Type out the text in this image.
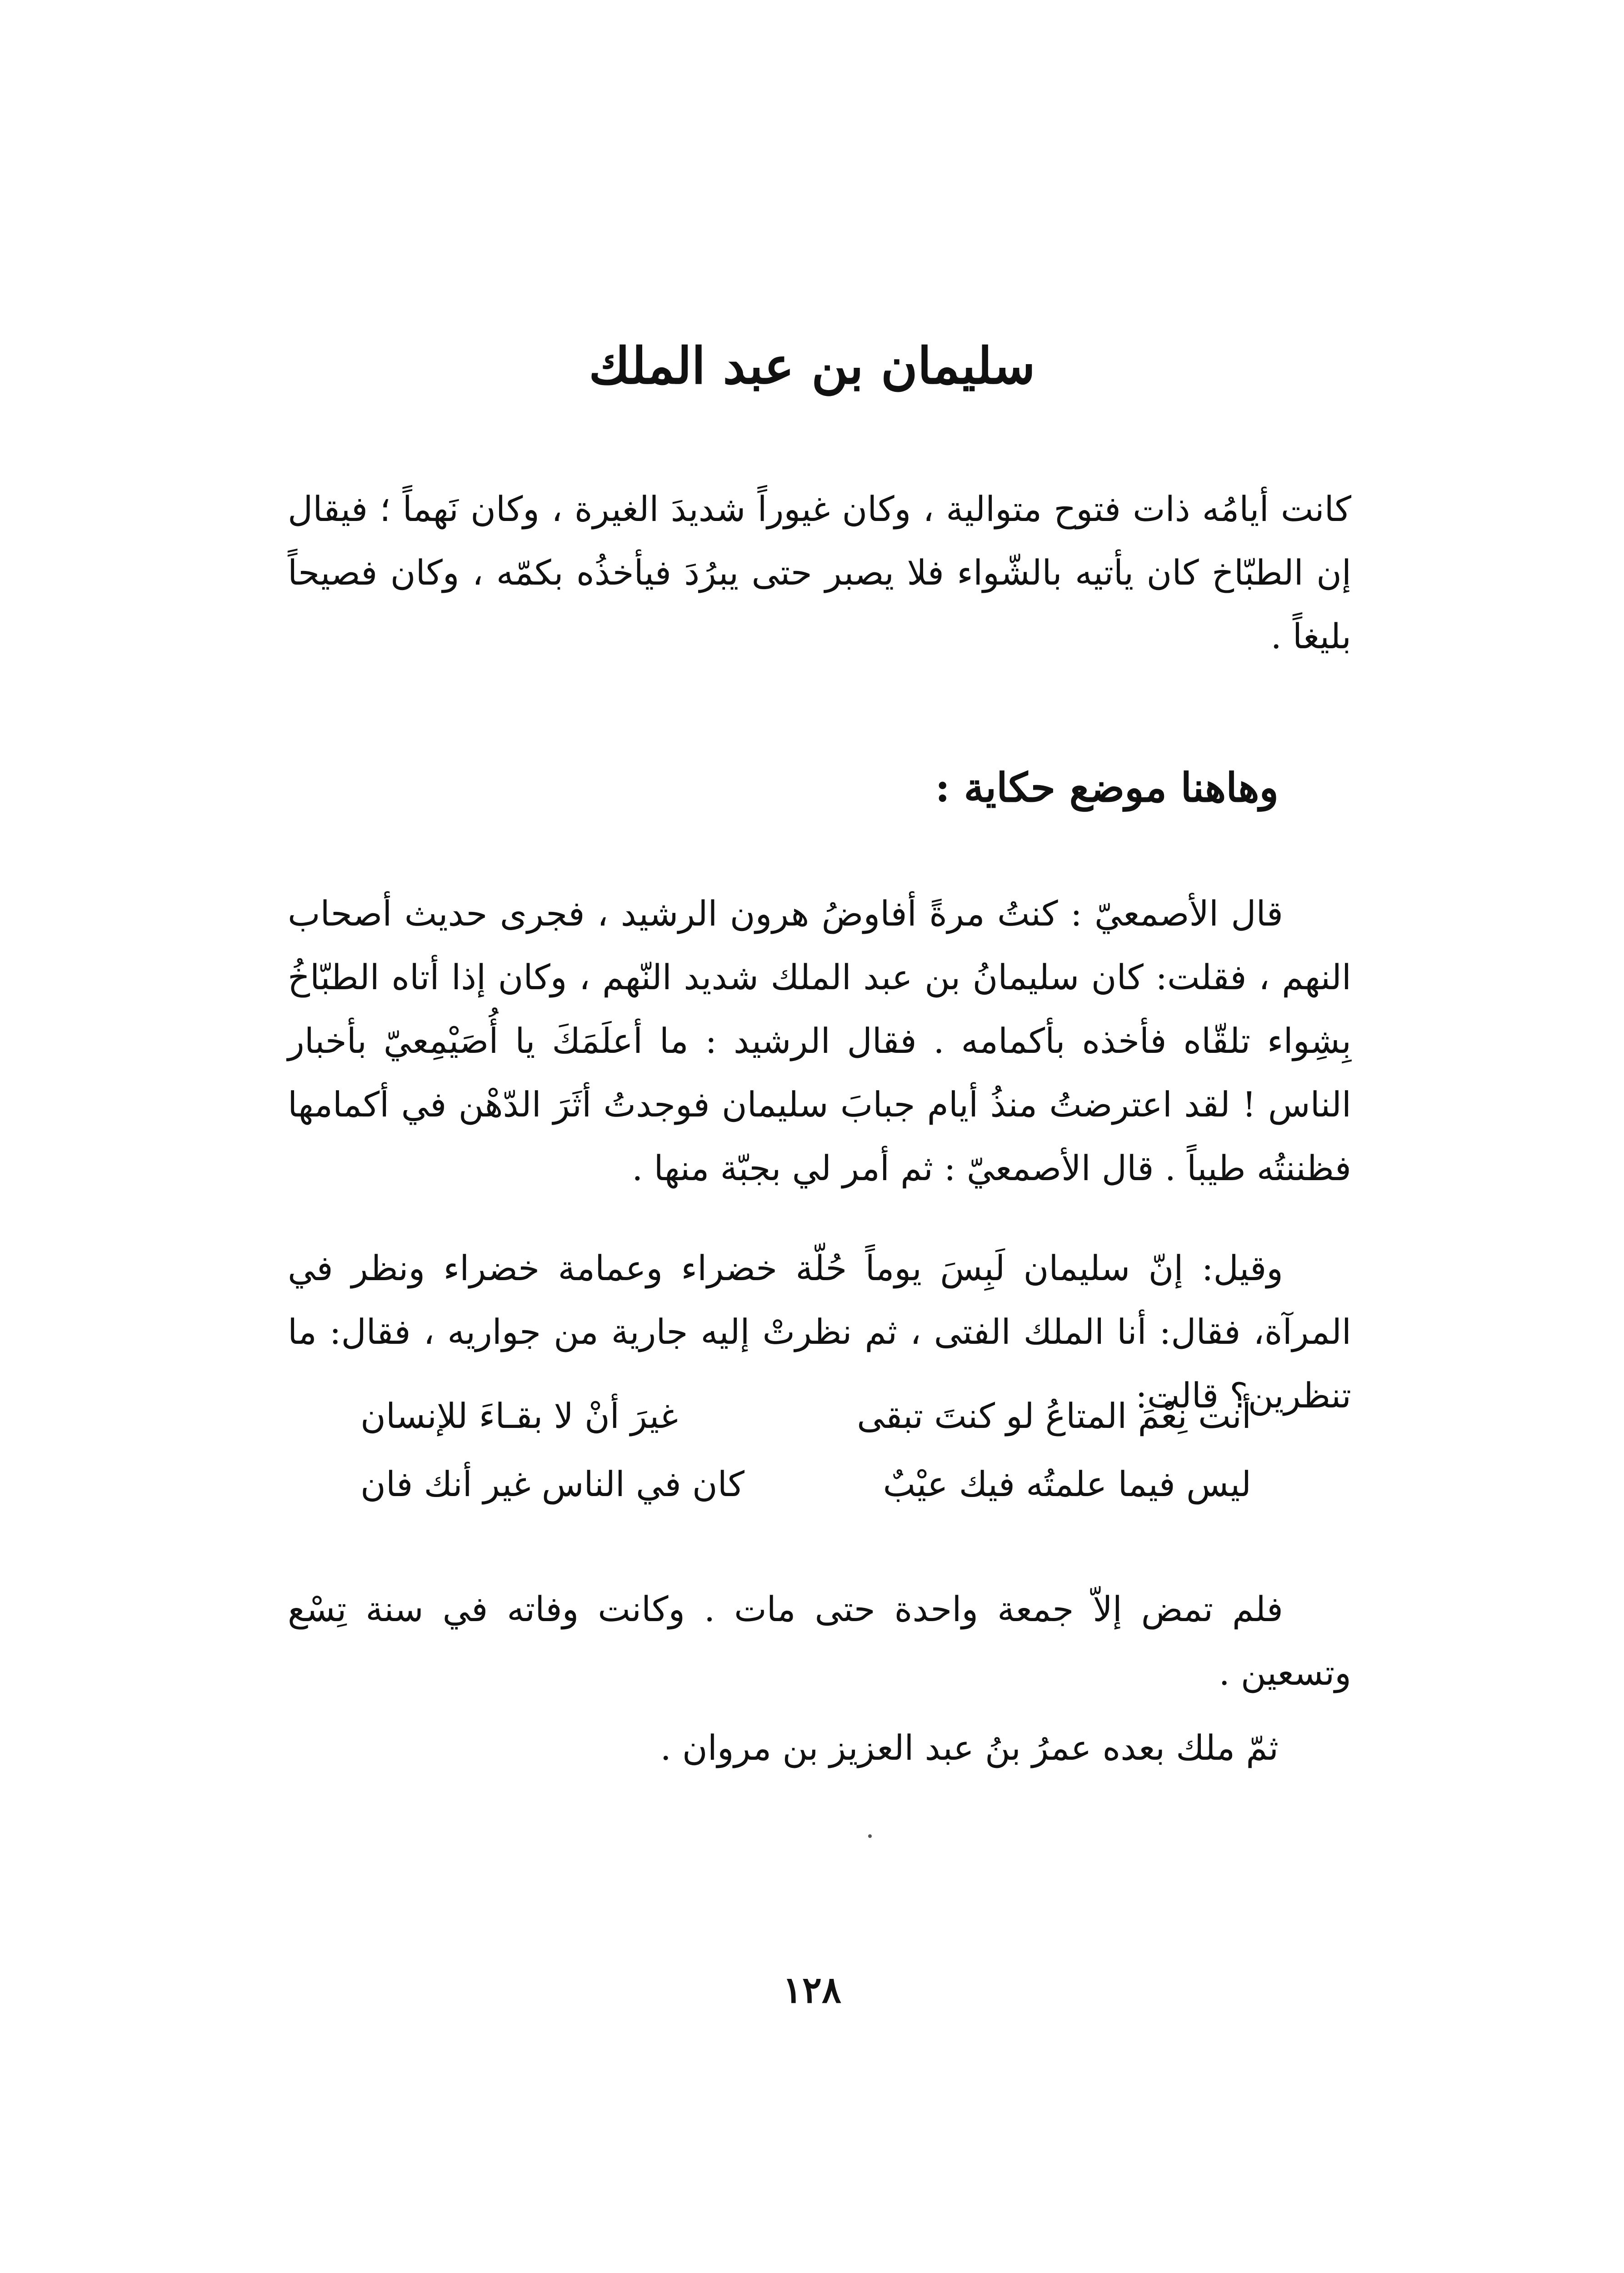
سليمان بن عبد الملك

كانت أيامُه ذات فتوح متوالية ، وكان غيوراً شديدَ الغيرة ، وكان نَهماً ؛ فيقال إن الطبّاخ كان يأتيه بالشّواء فلا يصبر حتى يبرُدَ فيأخذُه بكمّه ، وكان فصيحاً بليغاً .

وهاهنا موضع حكاية :

قال الأصمعيّ : كنتُ مرةً أفاوضُ هرون الرشيد ، فجرى حديث أصحاب النهم ، فقلت: كان سليمانُ بن عبد الملك شديد النّهم ، وكان إذا أتاه الطبّاخُ بِشِواء تلقّاه فأخذه بأكمامه . فقال الرشيد : ما أعلَمَكَ يا أُصَيْمِعيّ بأخبار الناس ! لقد اعترضتُ منذُ أيام جبابَ سليمان فوجدتُ أثَرَ الدّهْن في أكمامها فظننتُه طيباً . قال الأصمعيّ : ثم أمر لي بجبّة منها .

وقيل: إنّ سليمان لَبِسَ يوماً حُلّة خضراء وعمامة خضراء ونظر في المرآة، فقال: أنا الملك الفتى ، ثم نظرتْ إليه جارية من جواريه ، فقال: ما تنظرين؟ قالت:

أنت نِعْمَ المتاعُ لو كنتَ تبقى
غيرَ أنْ لا بقـاءَ للإنسان
ليس فيما علمتُه فيك عيْبٌ
كان في الناس غير أنك فان

فلم تمض إلاّ جمعة واحدة حتى مات . وكانت وفاته في سنة تِسْع وتسعين .

ثمّ ملك بعده عمرُ بنُ عبد العزيز بن مروان .

١٢٨
